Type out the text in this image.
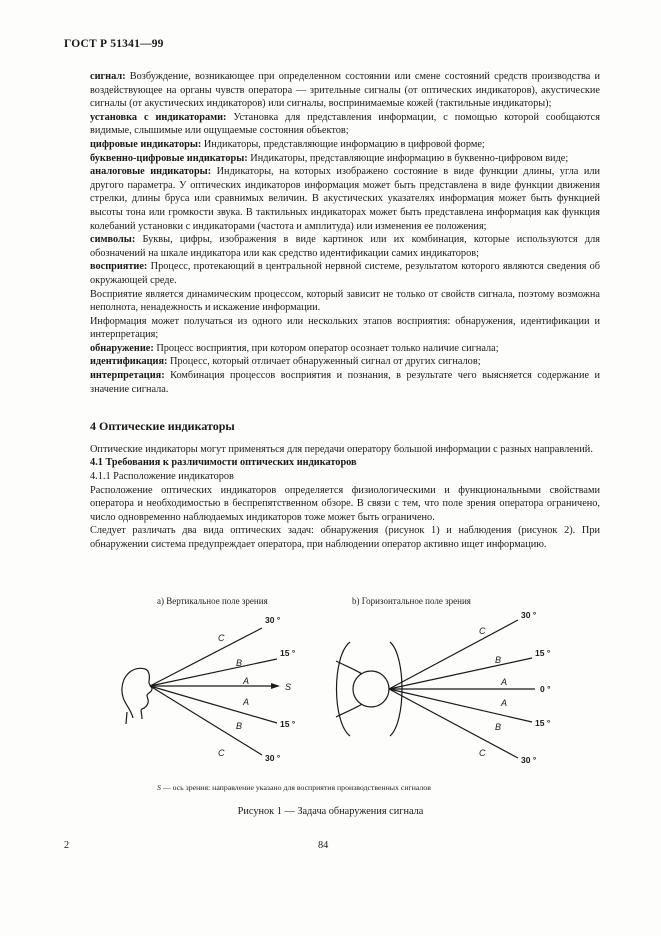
ГОСТ Р 51341—99

сигнал: Возбуждение, возникающее при определенном состоянии или смене состояний средств производства и воздействующее на органы чувств оператора — зрительные сигналы (от оптических индикаторов), акустические сигналы (от акустических индикаторов) или сигналы, воспринимаемые кожей (тактильные индикаторы);

установка с индикаторами: Установка для представления информации, с помощью которой сообщаются видимые, слышимые или ощущаемые состояния объектов;

цифровые индикаторы: Индикаторы, представляющие информацию в цифровой форме;

буквенно-цифровые индикаторы: Индикаторы, представляющие информацию в буквенно-цифровом виде;

аналоговые индикаторы: Индикаторы, на которых изображено состояние в виде функции длины, угла или другого параметра. У оптических индикаторов информация может быть представлена в виде функции движения стрелки, длины бруса или сравнимых величин. В акустических указателях информация может быть функцией высоты тона или громкости звука. В тактильных индикаторах может быть представлена информация как функция колебаний установки с индикаторами (частота и амплитуда) или изменения ее положения;

символы: Буквы, цифры, изображения в виде картинок или их комбинация, которые используются для обозначений на шкале индикатора или как средство идентификации самих индикаторов;

восприятие: Процесс, протекающий в центральной нервной системе, результатом которого являются сведения об окружающей среде.

Восприятие является динамическим процессом, который зависит не только от свойств сигнала, поэтому возможна неполнота, ненадежность и искажение информации.

Информация может получаться из одного или нескольких этапов восприятия: обнаружения, идентификации и интерпретация;

обнаружение: Процесс восприятия, при котором оператор осознает только наличие сигнала;

идентификация: Процесс, который отличает обнаруженный сигнал от других сигналов;

интерпретация: Комбинация процессов восприятия и познания, в результате чего выясняется содержание и значение сигнала.

4 Оптические индикаторы

Оптические индикаторы могут применяться для передачи оператору большой информации с разных направлений.

4.1 Требования к различимости оптических индикаторов

4.1.1 Расположение индикаторов

Расположение оптических индикаторов определяется физиологическими и функциональными свойствами оператора и необходимостью в беспрепятственном обзоре. В связи с тем, что поле зрения оператора ограничено, число одновременно наблюдаемых индикаторов тоже может быть ограничено.

Следует различать два вида оптических задач: обнаружения (рисунок 1) и наблюдения (рисунок 2). При обнаружении система предупреждает оператора, при наблюдении оператор активно ищет информацию.

а) Вертикальное поле зрения	b) Горизонтальное поле зрения
C
B
A
A
B
C
S
30 °
15 °
15 °
30 °
C
B
A
A
B
C
30 °
15 °
0 °
15 °
30 °
S — ось зрения: направление указано для восприятия производственных сигналов
Рисунок 1 — Задача обнаружения сигнала
2	84
